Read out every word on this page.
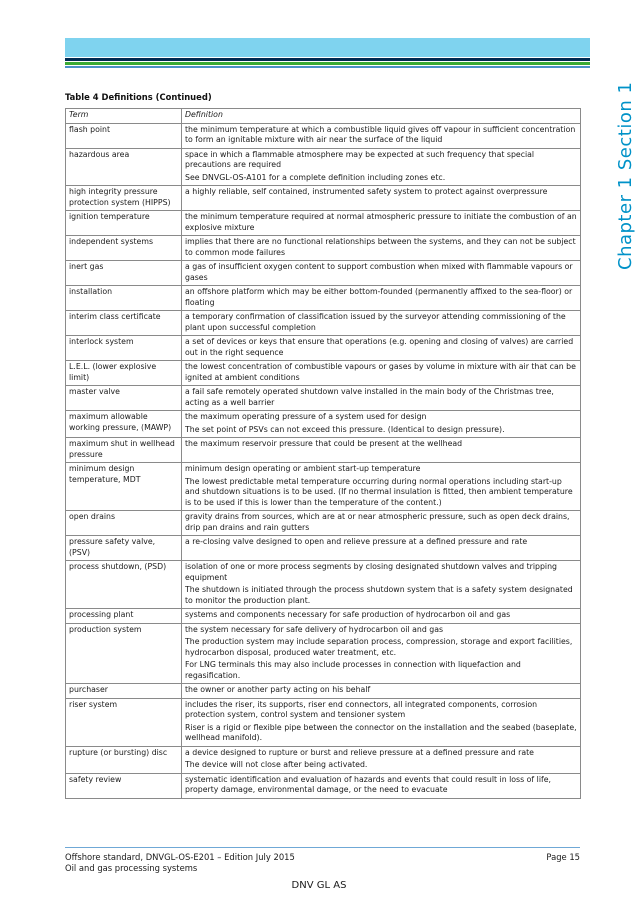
Chapter 1 Section 1
Table 4 Definitions (Continued)
Term	Definition
flash point	the minimum temperature at which a combustible liquid gives off vapour in sufficient concentration to form an ignitable mixture with air near the surface of the liquid

hazardous area	space in which a flammable atmosphere may be expected at such frequency that special precautions are required
See DNVGL-OS-A101 for a complete definition including zones etc.

high integrity pressure protection system (HIPPS)	a highly reliable, self contained, instrumented safety system to protect against overpressure

ignition temperature	the minimum temperature required at normal atmospheric pressure to initiate the combustion of an explosive mixture

independent systems	implies that there are no functional relationships between the systems, and they can not be subject to common mode failures

inert gas	a gas of insufficient oxygen content to support combustion when mixed with flammable vapours or gases

installation	an offshore platform which may be either bottom-founded (permanently affixed to the sea-floor) or floating

interim class certificate	a temporary confirmation of classification issued by the surveyor attending commissioning of the plant upon successful completion

interlock system	a set of devices or keys that ensure that operations (e.g. opening and closing of valves) are carried out in the right sequence

L.E.L. (lower explosive limit)	the lowest concentration of combustible vapours or gases by volume in mixture with air that can be ignited at ambient conditions

master valve	a fail safe remotely operated shutdown valve installed in the main body of the Christmas tree, acting as a well barrier

maximum allowable working pressure, (MAWP)	the maximum operating pressure of a system used for design
The set point of PSVs can not exceed this pressure. (Identical to design pressure).

maximum shut in wellhead pressure	the maximum reservoir pressure that could be present at the wellhead

minimum design temperature, MDT	minimum design operating or ambient start-up temperature
The lowest predictable metal temperature occurring during normal operations including start-up and shutdown situations is to be used. (If no thermal insulation is fitted, then ambient temperature is to be used if this is lower than the temperature of the content.)

open drains	gravity drains from sources, which are at or near atmospheric pressure, such as open deck drains, drip pan drains and rain gutters

pressure safety valve, (PSV)	a re-closing valve designed to open and relieve pressure at a defined pressure and rate

process shutdown, (PSD)	isolation of one or more process segments by closing designated shutdown valves and tripping equipment
The shutdown is initiated through the process shutdown system that is a safety system designated to monitor the production plant.

processing plant	systems and components necessary for safe production of hydrocarbon oil and gas

production system	the system necessary for safe delivery of hydrocarbon oil and gas
The production system may include separation process, compression, storage and export facilities, hydrocarbon disposal, produced water treatment, etc.
For LNG terminals this may also include processes in connection with liquefaction and regasification.

purchaser	the owner or another party acting on his behalf

riser system	includes the riser, its supports, riser end connectors, all integrated components, corrosion protection system, control system and tensioner system
Riser is a rigid or flexible pipe between the connector on the installation and the seabed (baseplate, wellhead manifold).

rupture (or bursting) disc	a device designed to rupture or burst and relieve pressure at a defined pressure and rate
The device will not close after being activated.

safety review	systematic identification and evaluation of hazards and events that could result in loss of life, property damage, environmental damage, or the need to evacuate
Offshore standard, DNVGL-OS-E201 – Edition July 2015
Oil and gas processing systems
Page 15
DNV GL AS
